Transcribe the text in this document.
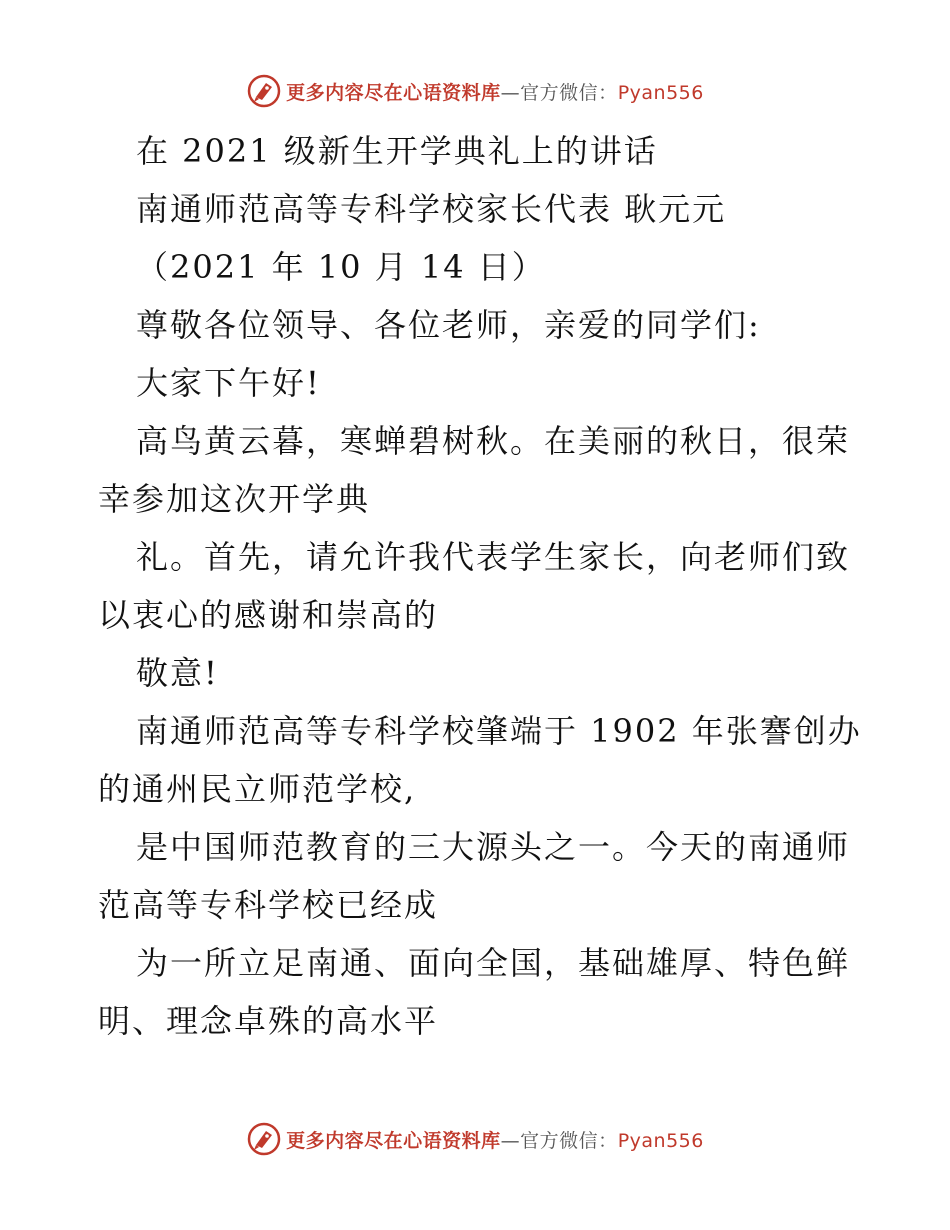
更多内容尽在心语资料库—官方微信：Pyan556

在 2021 级新生开学典礼上的讲话

南通师范高等专科学校家长代表 耿元元

（2021 年 10 月 14 日）

尊敬各位领导、各位老师，亲爱的同学们:

大家下午好!

高鸟黄云暮，寒蝉碧树秋。在美丽的秋日，很荣

幸参加这次开学典

礼。首先，请允许我代表学生家长，向老师们致

以衷心的感谢和崇高的

敬意!

南通师范高等专科学校肇端于 1902 年张謇创办

的通州民立师范学校,

是中国师范教育的三大源头之一。今天的南通师

范高等专科学校已经成

为一所立足南通、面向全国，基础雄厚、特色鲜

明、理念卓殊的高水平

更多内容尽在心语资料库—官方微信：Pyan556
